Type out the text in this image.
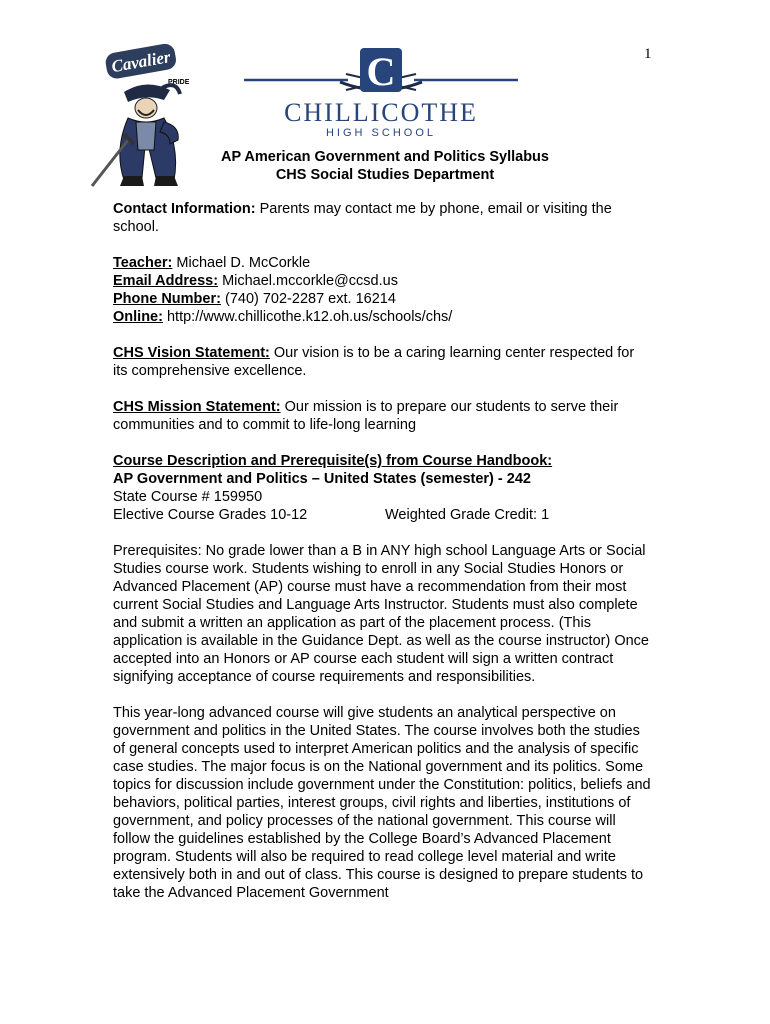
1
Cavalier
PRIDE	C
CHILLICOTHE
HIGH SCHOOL
AP American Government and Politics Syllabus
CHS Social Studies Department

Contact Information: Parents may contact me by phone, email or visiting the school.

Teacher: Michael D. McCorkle

Email Address: Michael.mccorkle@ccsd.us

Phone Number: (740) 702-2287 ext. 16214

Online: http://www.chillicothe.k12.oh.us/schools/chs/

CHS Vision Statement: Our vision is to be a caring learning center respected for its comprehensive excellence.

CHS Mission Statement: Our mission is to prepare our students to serve their communities and to commit to life-long learning

Course Description and Prerequisite(s) from Course Handbook:

AP Government and Politics – United States (semester) - 242

State Course # 159950

Elective Course Grades 10-12	Weighted Grade Credit: 1

Prerequisites: No grade lower than a B in ANY high school Language Arts or Social Studies course work. Students wishing to enroll in any Social Studies Honors or Advanced Placement (AP) course must have a recommendation from their most current Social Studies and Language Arts Instructor. Students must also complete and submit a written an application as part of the placement process. (This application is available in the Guidance Dept. as well as the course instructor) Once accepted into an Honors or AP course each student will sign a written contract signifying acceptance of course requirements and responsibilities.

This year-long advanced course will give students an analytical perspective on government and politics in the United States. The course involves both the studies of general concepts used to interpret American politics and the analysis of specific case studies. The major focus is on the National government and its politics. Some topics for discussion include government under the Constitution: politics, beliefs and behaviors, political parties, interest groups, civil rights and liberties, institutions of government, and policy processes of the national government. This course will follow the guidelines established by the College Board’s Advanced Placement program. Students will also be required to read college level material and write extensively both in and out of class. This course is designed to prepare students to take the Advanced Placement Government
